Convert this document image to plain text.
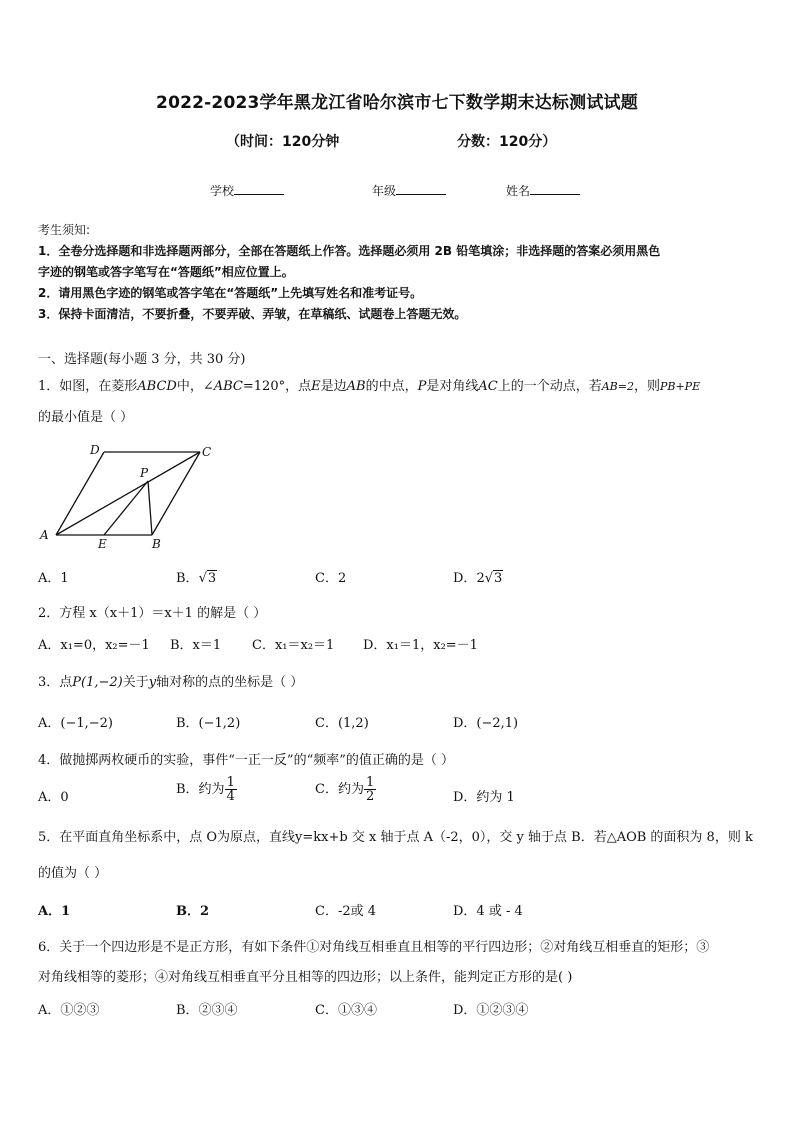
2022-2023学年黑龙江省哈尔滨市七下数学期末达标测试试题
（时间：120分钟	分数：120分）
学校	年级	姓名
考生须知:
1．全卷分选择题和非选择题两部分，全部在答题纸上作答。选择题必须用 2B 铅笔填涂；非选择题的答案必须用黑色
字迹的钢笔或答字笔写在“答题纸”相应位置上。
2．请用黑色字迹的钢笔或答字笔在“答题纸”上先填写姓名和准考证号。
3．保持卡面清洁，不要折叠，不要弄破、弄皱，在草稿纸、试题卷上答题无效。
一、选择题(每小题 3 分，共 30 分)
1．如图，在菱形ABCD中，∠ABC=120°，点E是边AB的中点，P是对角线AC上的一个动点，若AB=2，则PB+PE
的最小值是（ ）
A
B
C
D
P
E
A．1	B．√3	C．2	D．2√3
2．方程 x（x＋1）＝x＋1 的解是（ ）
A．x₁=0，x₂=－1 B．x＝1 C．x₁＝x₂＝1 D．x₁＝1，x₂=－1
3．点P(1,−2)关于y轴对称的点的坐标是（ ）
A．(−1,−2)	B．(−1,2)	C．(1,2)	D．(−2,1)
4．做抛掷两枚硬币的实验，事件“一正一反”的“频率”的值正确的是（ ）
A．0
B．约为 $\frac{1}{4}$	C．约为 $\frac{1}{2}$	D．约为 1
5．在平面直角坐标系中，点 O为原点，直线y=kx+b 交 x 轴于点 A（-2，0），交 y 轴于点 B．若△AOB 的面积为 8，则 k
的值为（ ）
A．1	B．2	C．-2或 4	D．4 或 - 4
6．关于一个四边形是不是正方形，有如下条件①对角线互相垂直且相等的平行四边形；②对角线互相垂直的矩形；③
对角线相等的菱形；④对角线互相垂直平分且相等的四边形；以上条件，能判定正方形的是( )
A．①②③	B．②③④	C．①③④	D．①②③④
